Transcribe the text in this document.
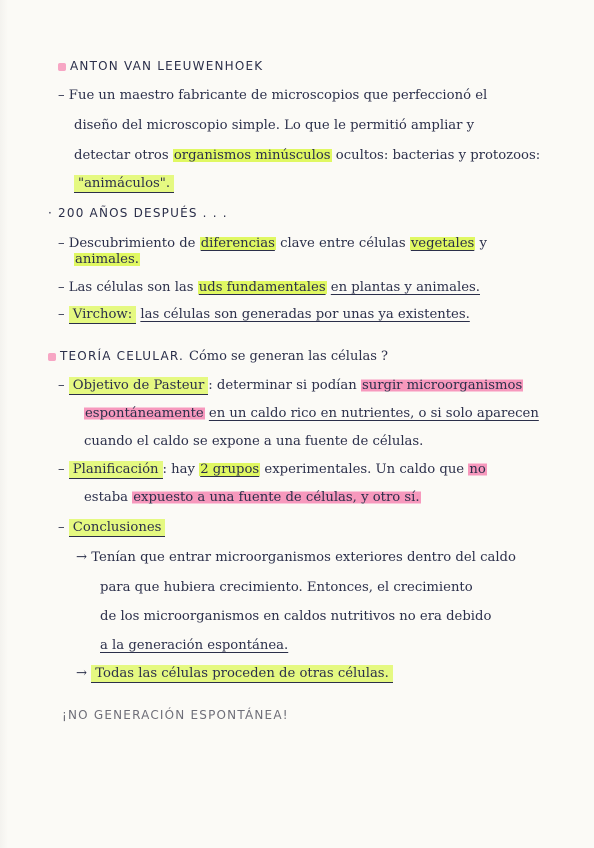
ANTON VAN LEEUWENHOEK
– Fue un maestro fabricante de microscopios que perfeccionó el
diseño del microscopio simple. Lo que le permitió ampliar y
detectar otros organismos minúsculos ocultos: bacterias y protozoos:
"animáculos".
· 200 AÑOS DESPUÉS . . .
– Descubrimiento de diferencias clave entre células vegetales y
animales.
– Las células son las uds fundamentales en plantas y animales.
– Virchow: las células son generadas por unas ya existentes.
TEORÍA CELULAR. Cómo se generan las células ?
– Objetivo de Pasteur : determinar si podían surgir microorganismos
espontáneamente en un caldo rico en nutrientes, o si solo aparecen
cuando el caldo se expone a una fuente de células.
– Planificación : hay 2 grupos experimentales. Un caldo que no
estaba expuesto a una fuente de células, y otro sí.
– Conclusiones
→ Tenían que entrar microorganismos exteriores dentro del caldo
para que hubiera crecimiento. Entonces, el crecimiento
de los microorganismos en caldos nutritivos no era debido
a la generación espontánea.
→ Todas las células proceden de otras células.
¡NO GENERACIÓN ESPONTÁNEA!
